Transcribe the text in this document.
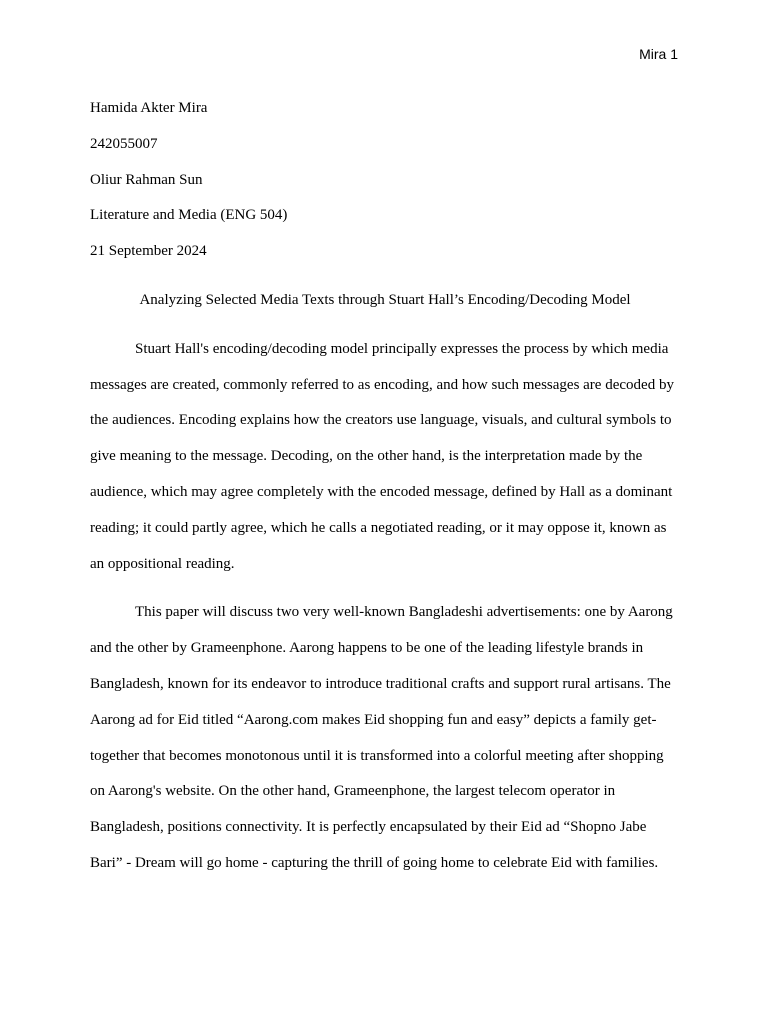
Mira 1

Hamida Akter Mira

242055007

Oliur Rahman Sun

Literature and Media (ENG 504)

21 September 2024

Analyzing Selected Media Texts through Stuart Hall’s Encoding/Decoding Model

Stuart Hall's encoding/decoding model principally expresses the process by which media
messages are created, commonly referred to as encoding, and how such messages are decoded by
the audiences. Encoding explains how the creators use language, visuals, and cultural symbols to
give meaning to the message. Decoding, on the other hand, is the interpretation made by the
audience, which may agree completely with the encoded message, defined by Hall as a dominant
reading; it could partly agree, which he calls a negotiated reading, or it may oppose it, known as
an oppositional reading.

This paper will discuss two very well-known Bangladeshi advertisements: one by Aarong
and the other by Grameenphone. Aarong happens to be one of the leading lifestyle brands in
Bangladesh, known for its endeavor to introduce traditional crafts and support rural artisans. The
Aarong ad for Eid titled “Aarong.com makes Eid shopping fun and easy” depicts a family get-
together that becomes monotonous until it is transformed into a colorful meeting after shopping
on Aarong's website. On the other hand, Grameenphone, the largest telecom operator in
Bangladesh, positions connectivity. It is perfectly encapsulated by their Eid ad “Shopno Jabe
Bari” - Dream will go home - capturing the thrill of going home to celebrate Eid with families.
